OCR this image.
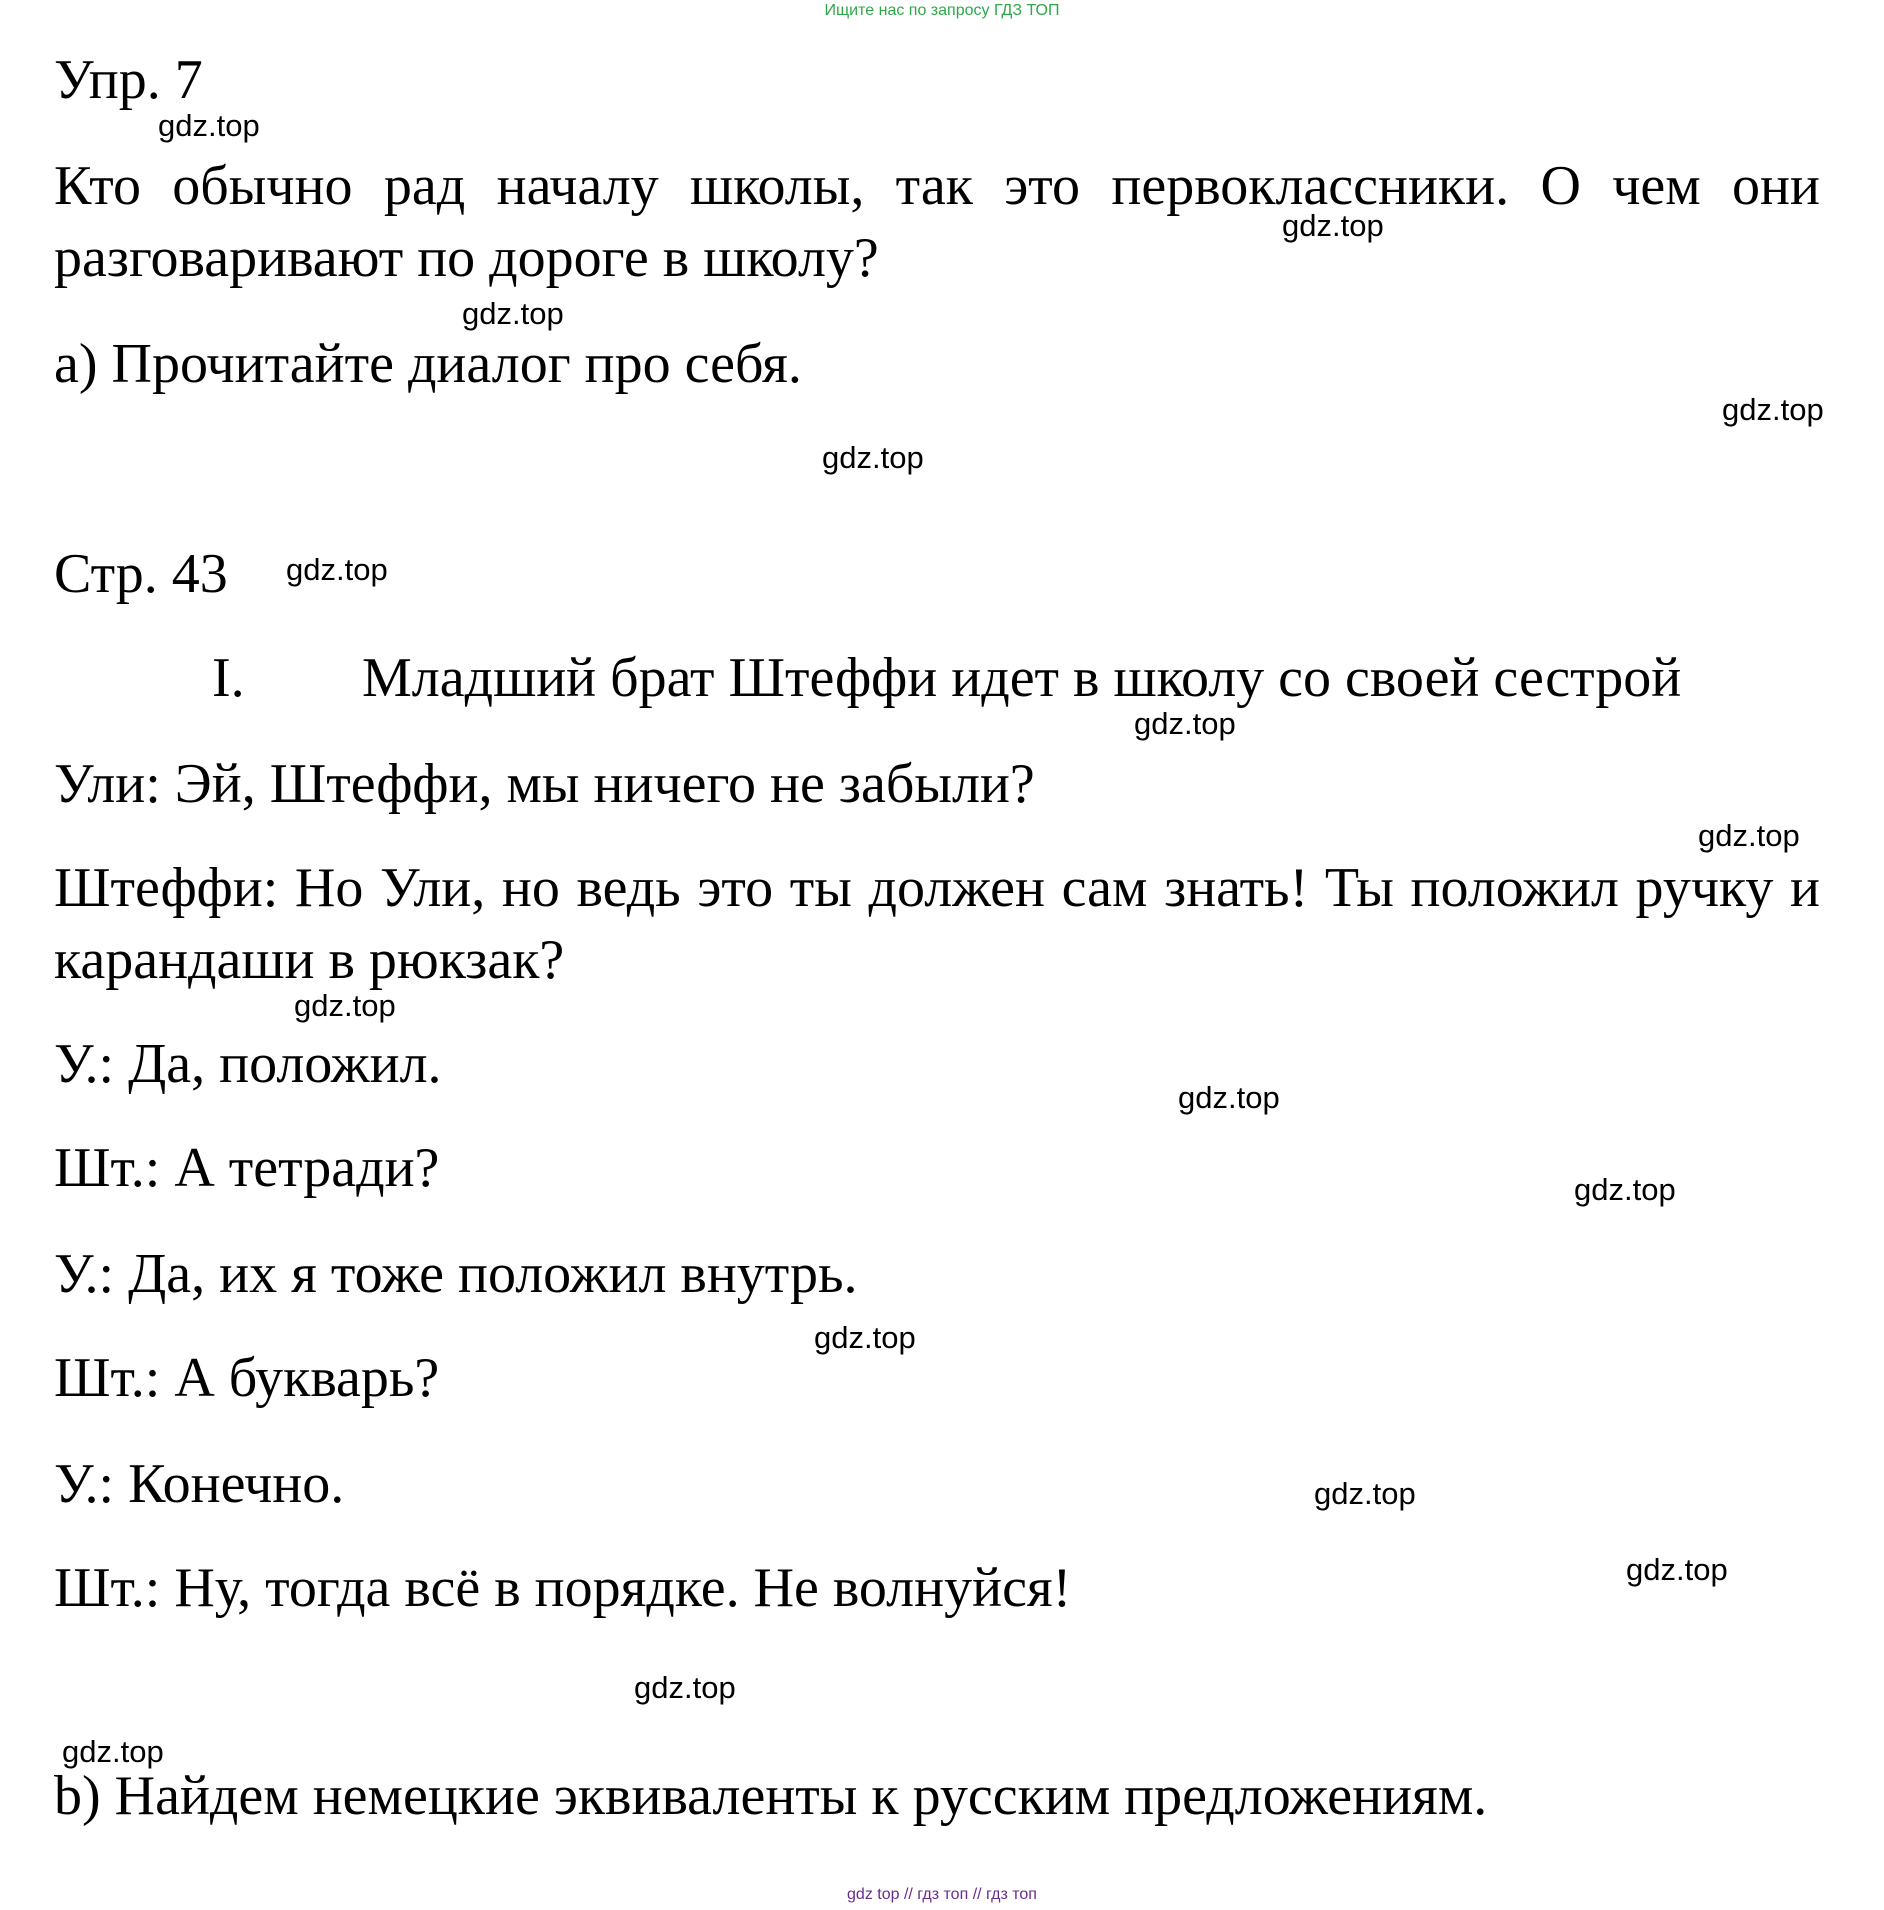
Ищите нас по запросу ГДЗ ТОП
Упр. 7
Кто обычно рад началу школы, так это первоклассники. О чем они разговаривают по дороге в школу?
а) Прочитайте диалог про себя.
Стр. 43
I. Младший брат Штеффи идет в школу со своей сестрой
Ули: Эй, Штеффи, мы ничего не забыли?
Штеффи: Но Ули, но ведь это ты должен сам знать! Ты положил ручку и карандаши в рюкзак?
У.: Да, положил.
Шт.: А тетради?
У.: Да, их я тоже положил внутрь.
Шт.: А букварь?
У.: Конечно.
Шт.: Ну, тогда всё в порядке. Не волнуйся!
b) Найдем немецкие эквиваленты к русским предложениям.
gdz.top
gdz.top
gdz.top
gdz.top
gdz.top
gdz.top
gdz.top
gdz.top
gdz.top
gdz.top
gdz.top
gdz.top
gdz.top
gdz.top
gdz.top
gdz.top
gdz top // гдз топ // гдз топ
